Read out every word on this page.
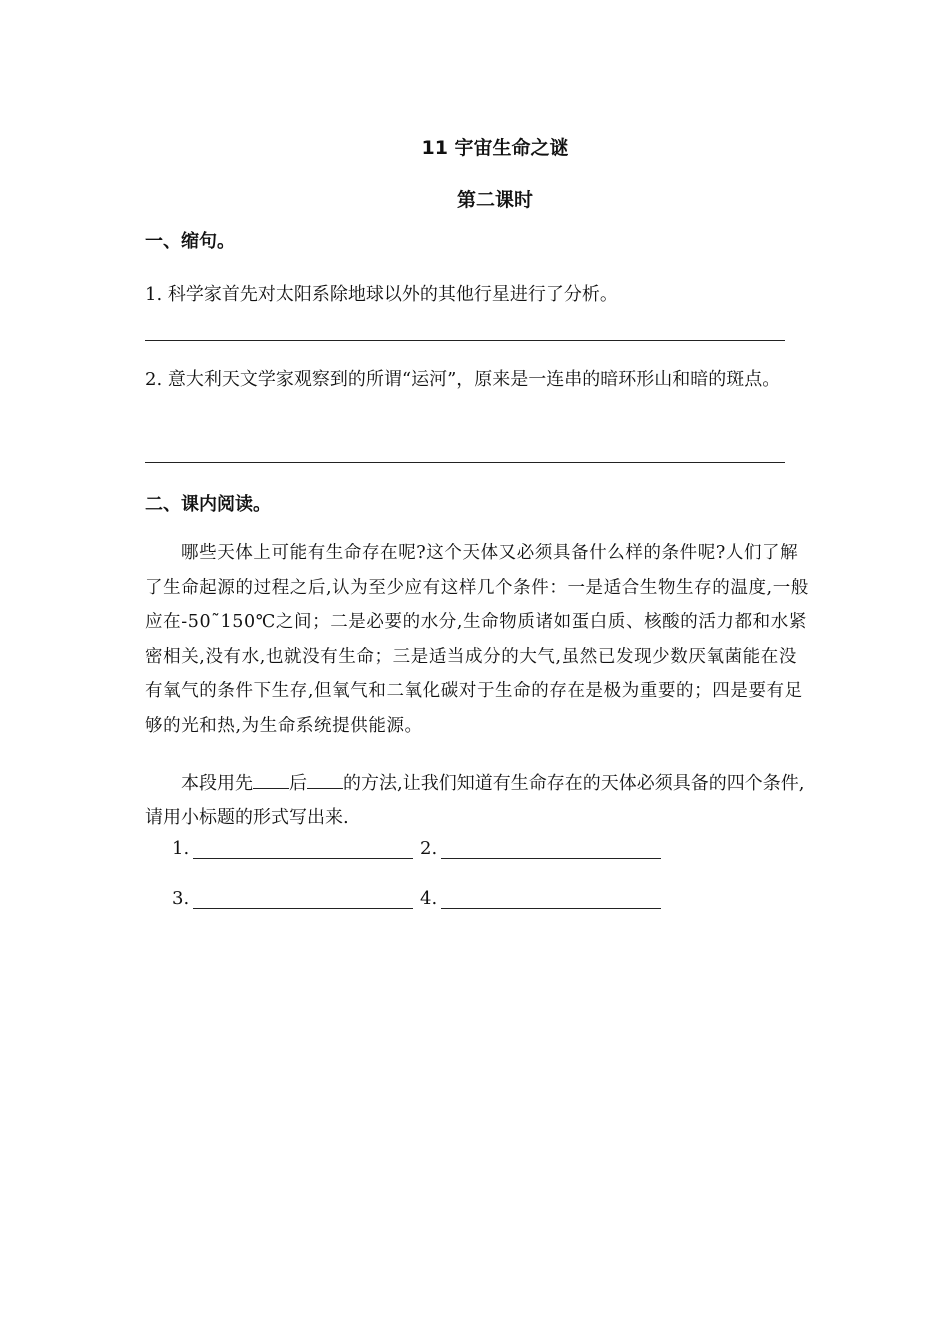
11 宇宙生命之谜
第二课时
一、缩句。
1. 科学家首先对太阳系除地球以外的其他行星进行了分析。
2. 意大利天文学家观察到的所谓“运河”，原来是一连串的暗环形山和暗的斑点。
二、课内阅读。
哪些天体上可能有生命存在呢?这个天体又必须具备什么样的条件呢?人们了解了生命起源的过程之后,认为至少应有这样几个条件：一是适合生物生存的温度,一般应在-50˜150℃之间；二是必要的水分,生命物质诸如蛋白质、核酸的活力都和水紧密相关,没有水,也就没有生命；三是适当成分的大气,虽然已发现少数厌氧菌能在没有氧气的条件下生存,但氧气和二氧化碳对于生命的存在是极为重要的；四是要有足够的光和热,为生命系统提供能源。
本段用先 后 的方法,让我们知道有生命存在的天体必须具备的四个条件,请用小标题的形式写出来.
1.	2.
3.	4.
